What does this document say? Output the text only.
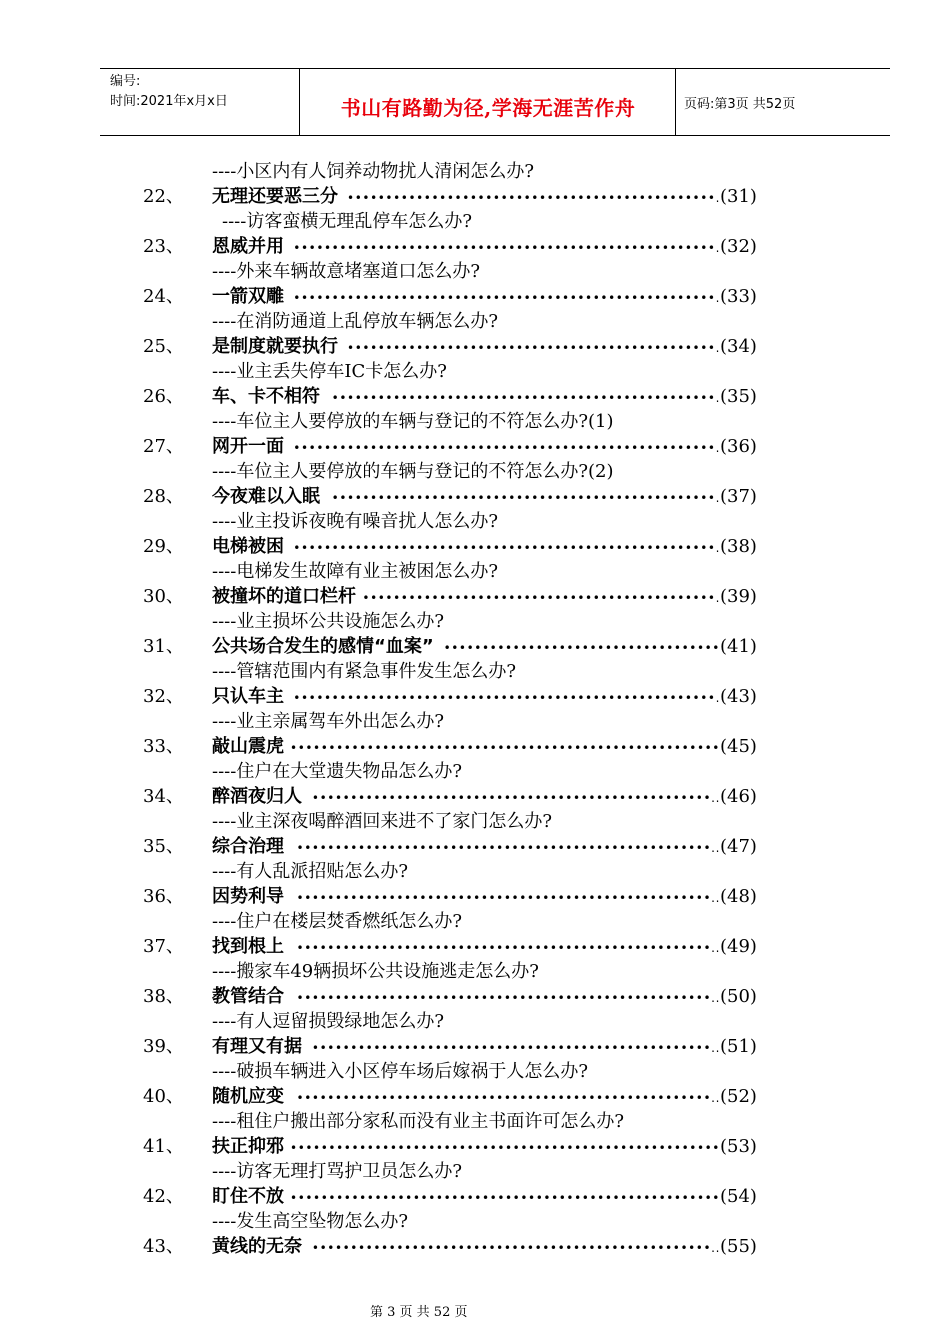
编号:
时间:2021年x月x日	书山有路勤为径,学海无涯苦作舟	页码:第3页 共52页
----小区内有人饲养动物扰人清闲怎么办?
22、 无理还要恶三分 ••••••••••••••••••••••••••••••••••••••••••••••••. (31)
----访客蛮横无理乱停车怎么办?
23、 恩威并用 •••••••••••••••••••••••••••••••••••••••••••••••••••••••. (32)
----外来车辆故意堵塞道口怎么办?
24、 一箭双雕 •••••••••••••••••••••••••••••••••••••••••••••••••••••••. (33)
----在消防通道上乱停放车辆怎么办?
25、 是制度就要执行 ••••••••••••••••••••••••••••••••••••••••••••••••. (34)
----业主丢失停车IC卡怎么办?
26、 车、卡不相符 ••••••••••••••••••••••••••••••••••••••••••••••••••. (35)
----车位主人要停放的车辆与登记的不符怎么办?(1)
27、 网开一面 •••••••••••••••••••••••••••••••••••••••••••••••••••••••. (36)
----车位主人要停放的车辆与登记的不符怎么办?(2)
28、 今夜难以入眠 ••••••••••••••••••••••••••••••••••••••••••••••••••. (37)
----业主投诉夜晚有噪音扰人怎么办?
29、 电梯被困 •••••••••••••••••••••••••••••••••••••••••••••••••••••••. (38)
----电梯发生故障有业主被困怎么办?
30、 被撞坏的道口栏杆 ••••••••••••••••••••••••••••••••••••••••••••••. (39)
----业主损坏公共设施怎么办?
31、 公共场合发生的感情“血案” •••••••••••••••••••••••••••••••••••• (41)
----管辖范围内有紧急事件发生怎么办?
32、 只认车主 •••••••••••••••••••••••••••••••••••••••••••••••••••••••. (43)
----业主亲属驾车外出怎么办?
33、 敲山震虎 •••••••••••••••••••••••••••••••••••••••••••••••••••••••• (45)
----住户在大堂遗失物品怎么办?
34、 醉酒夜归人 ••••••••••••••••••••••••••••••••••••••••••••••••••••.. (46)
----业主深夜喝醉酒回来进不了家门怎么办?
35、 综合治理	••••••••••••••••••••••••••••••••••••••••••••••••••••••.. (47)
----有人乱派招贴怎么办?
36、 因势利导	••••••••••••••••••••••••••••••••••••••••••••••••••••••.. (48)
----住户在楼层焚香燃纸怎么办?
37、 找到根上	••••••••••••••••••••••••••••••••••••••••••••••••••••••.. (49)
----搬家车49辆损坏公共设施逃走怎么办?
38、 教管结合	••••••••••••••••••••••••••••••••••••••••••••••••••••••.. (50)
----有人逗留损毁绿地怎么办?
39、 有理又有据 ••••••••••••••••••••••••••••••••••••••••••••••••••••.. (51)
----破损车辆进入小区停车场后嫁祸于人怎么办?
40、 随机应变	••••••••••••••••••••••••••••••••••••••••••••••••••••••.. (52)
----租住户搬出部分家私而没有业主书面许可怎么办?
41、 扶正抑邪 •••••••••••••••••••••••••••••••••••••••••••••••••••••••• (53)
----访客无理打骂护卫员怎么办?
42、 盯住不放 •••••••••••••••••••••••••••••••••••••••••••••••••••••••• (54)
----发生高空坠物怎么办?
43、 黄线的无奈 ••••••••••••••••••••••••••••••••••••••••••••••••••••.. (55)
第 3 页 共 52 页
